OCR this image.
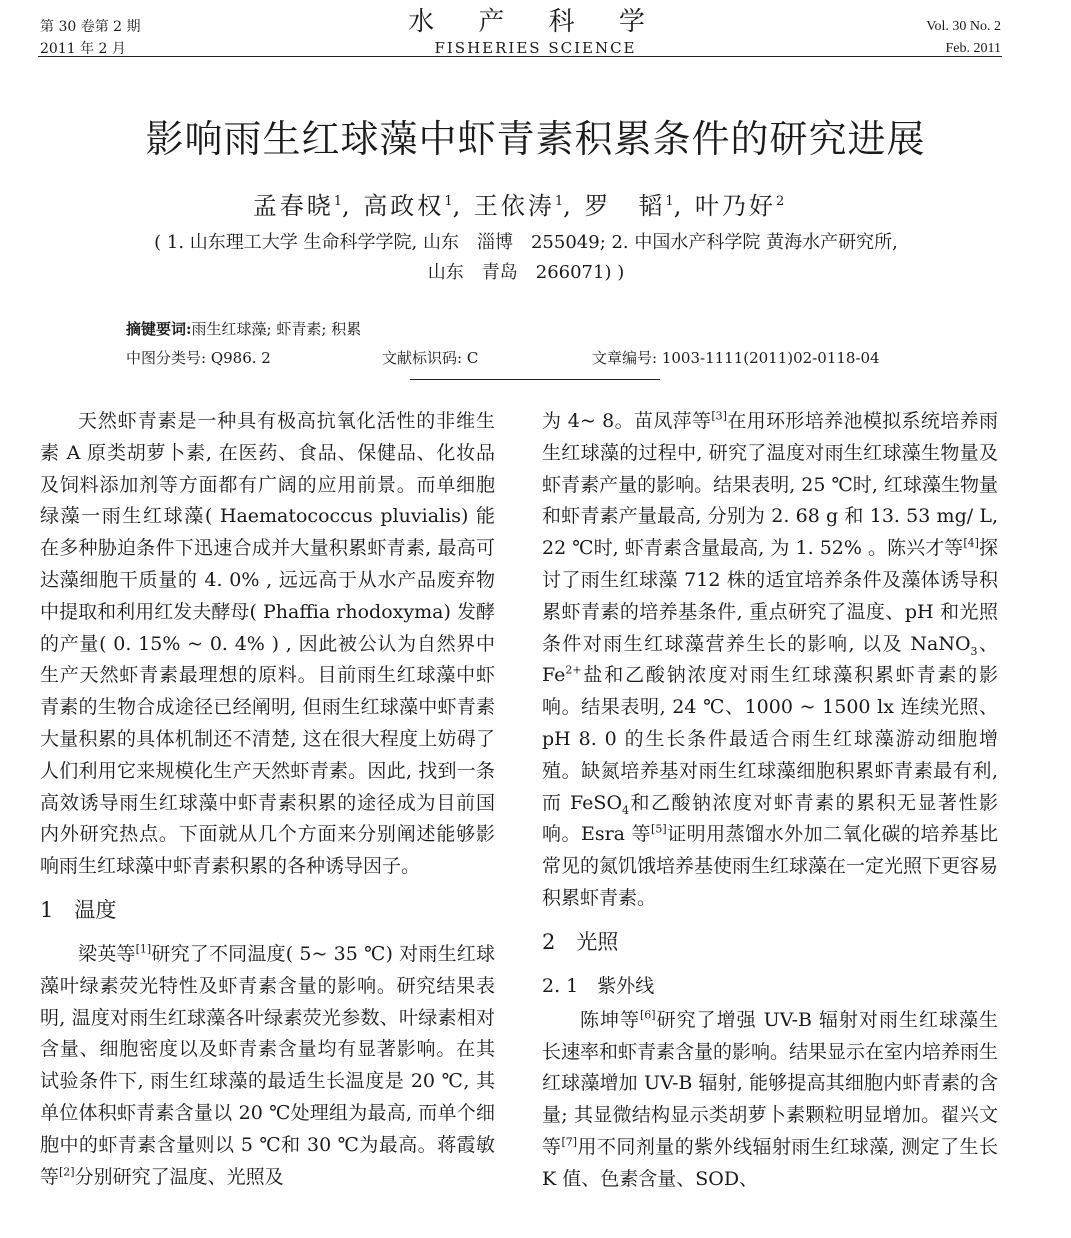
第 30 卷第 2 期
2011 年 2 月
水 产 科 学
FISHERIES SCIENCE
Vol. 30 No. 2
Feb. 2011
影响雨生红球藻中虾青素积累条件的研究进展
孟春晓$^1$, 高政权$^1$, 王依涛$^1$, 罗　韬$^1$, 叶乃好$^2$
( 1. 山东理工大学 生命科学学院, 山东　淄博　255049; 2. 中国水产科学院 黄海水产研究所,
山东　青岛　266071) )
摘键要词:雨生红球藻; 虾青素; 积累
中图分类号: Q986. 2	文献标识码: C	文章编号: 1003-1111(2011)02-0118-04

天然虾青素是一种具有极高抗氧化活性的非维生素 A 原类胡萝卜素, 在医药、食品、保健品、化妆品及饲料添加剂等方面都有广阔的应用前景。而单细胞绿藻一雨生红球藻( Haematococcus pluvialis) 能在多种胁迫条件下迅速合成并大量积累虾青素, 最高可达藻细胞干质量的 4. 0% , 远远高于从水产品废弃物中提取和利用红发夫酵母( Phaffia rhodoxyma) 发酵的产量( 0. 15% ~ 0. 4% ) , 因此被公认为自然界中生产天然虾青素最理想的原料。目前雨生红球藻中虾青素的生物合成途径已经阐明, 但雨生红球藻中虾青素大量积累的具体机制还不清楚, 这在很大程度上妨碍了人们利用它来规模化生产天然虾青素。因此, 找到一条高效诱导雨生红球藻中虾青素积累的途径成为目前国内外研究热点。下面就从几个方面来分别阐述能够影响雨生红球藻中虾青素积累的各种诱导因子。

1　温度

梁英等[1]研究了不同温度( 5~ 35 ℃) 对雨生红球藻叶绿素荧光特性及虾青素含量的影响。研究结果表明, 温度对雨生红球藻各叶绿素荧光参数、叶绿素相对含量、细胞密度以及虾青素含量均有显著影响。在其试验条件下, 雨生红球藻的最适生长温度是 20 ℃, 其单位体积虾青素含量以 20 ℃处理组为最高, 而单个细胞中的虾青素含量则以 5 ℃和 30 ℃为最高。蒋霞敏等[2]分别研究了温度、光照及

为 4~ 8。苗凤萍等[3]在用环形培养池模拟系统培养雨生红球藻的过程中, 研究了温度对雨生红球藻生物量及虾青素产量的影响。结果表明, 25 ℃时, 红球藻生物量和虾青素产量最高, 分别为 2. 68 g 和 13. 53 mg/ L, 22 ℃时, 虾青素含量最高, 为 1. 52% 。陈兴才等[4]探讨了雨生红球藻 712 株的适宜培养条件及藻体诱导积累虾青素的培养基条件, 重点研究了温度、pH 和光照条件对雨生红球藻营养生长的影响, 以及 NaNO$_3$、$Fe^{2+}$盐和乙酸钠浓度对雨生红球藻积累虾青素的影响。结果表明, 24 ℃、1000 ~ 1500 lx 连续光照、pH 8. 0 的生长条件最适合雨生红球藻游动细胞增殖。缺氮培养基对雨生红球藻细胞积累虾青素最有利, 而 FeSO$_4$和乙酸钠浓度对虾青素的累积无显著性影响。Esra 等[5]证明用蒸馏水外加二氧化碳的培养基比常见的氮饥饿培养基使雨生红球藻在一定光照下更容易积累虾青素。

2　光照
2. 1　紫外线

陈坤等[6]研究了增强 UV-B 辐射对雨生红球藻生长速率和虾青素含量的影响。结果显示在室内培养雨生红球藻增加 UV-B 辐射, 能够提高其细胞内虾青素的含量; 其显微结构显示类胡萝卜素颗粒明显增加。翟兴文等[7]用不同剂量的紫外线辐射雨生红球藻, 测定了生长 K 值、色素含量、SOD、
